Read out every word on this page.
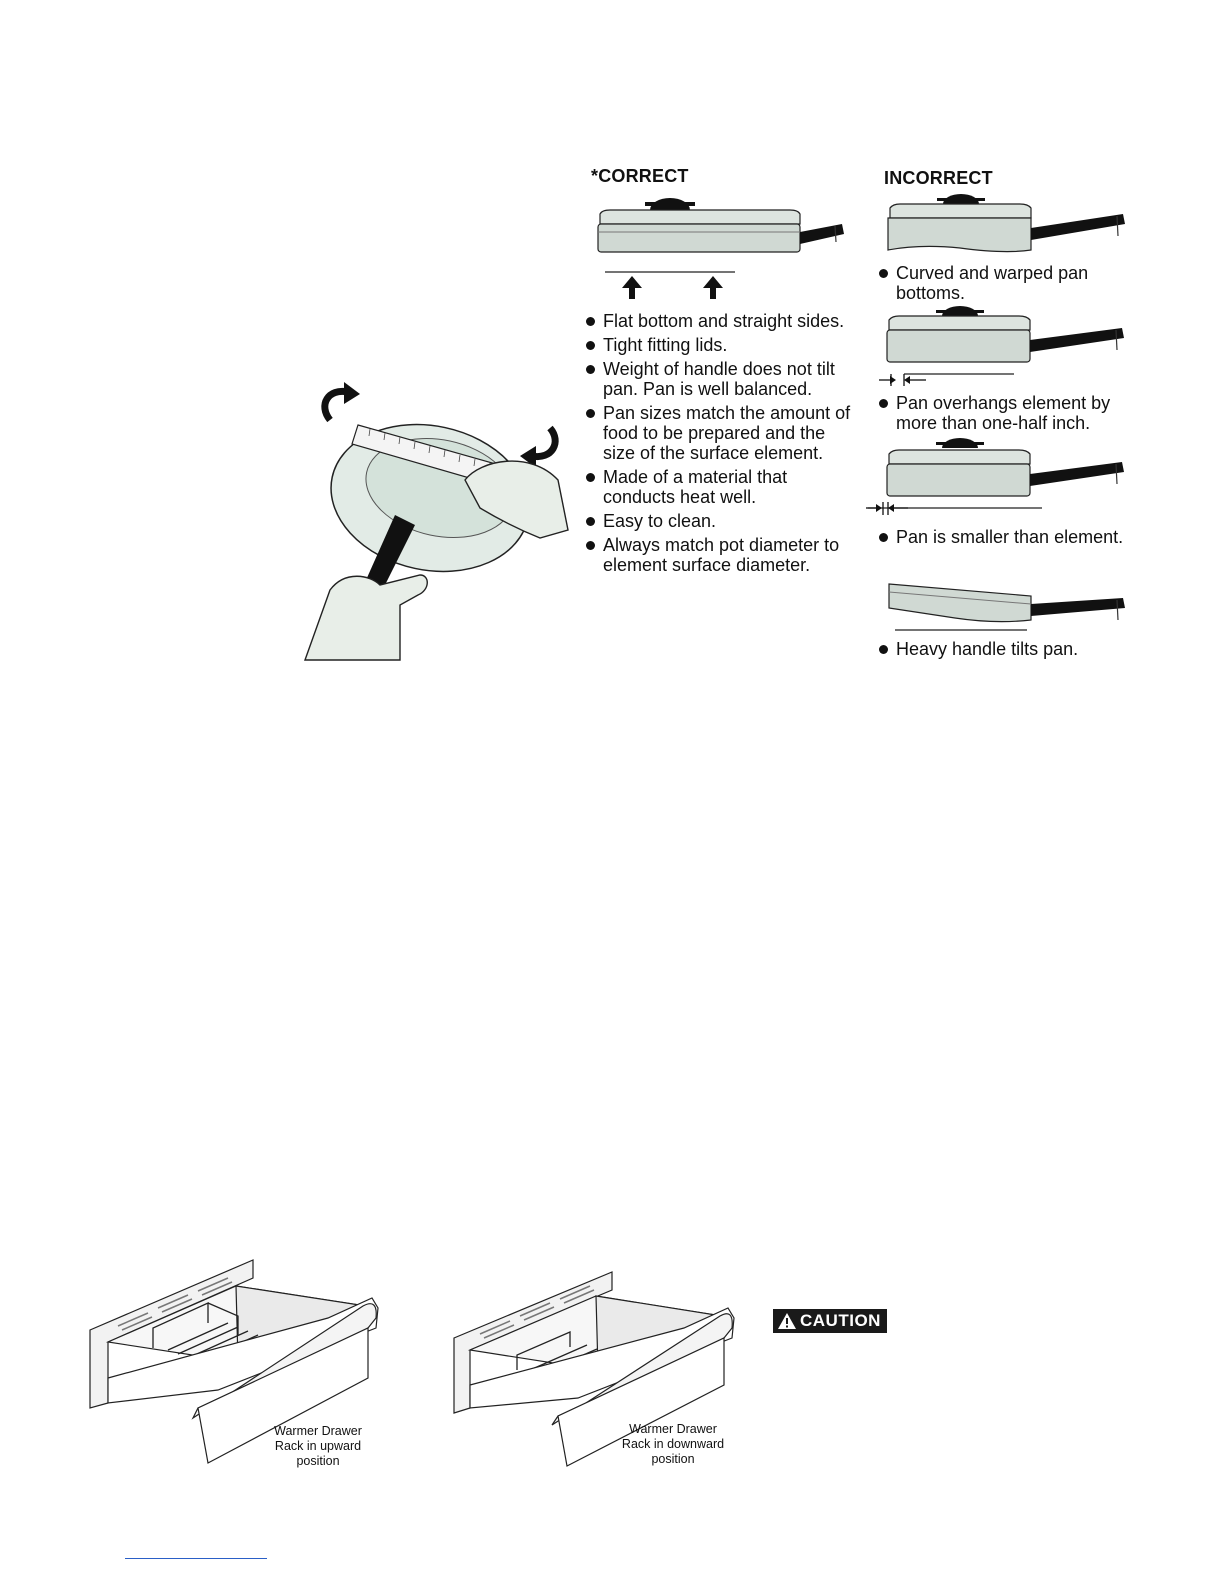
*CORRECT
Flat bottom and straight sides.
Tight fitting lids.
Weight of handle does not tilt pan. Pan is well balanced.
Pan sizes match the amount of food to be prepared and the size of the surface element.
Made of a material that conducts heat well.
Easy to clean.
Always match pot diameter to element surface diameter.
INCORRECT
Curved and warped pan bottoms.
Pan overhangs element by more than one-half inch.
Pan is smaller than element.
Heavy handle tilts pan.
Warmer Drawer
Rack in upward
position
Warmer Drawer
Rack in downward
position
CAUTION
